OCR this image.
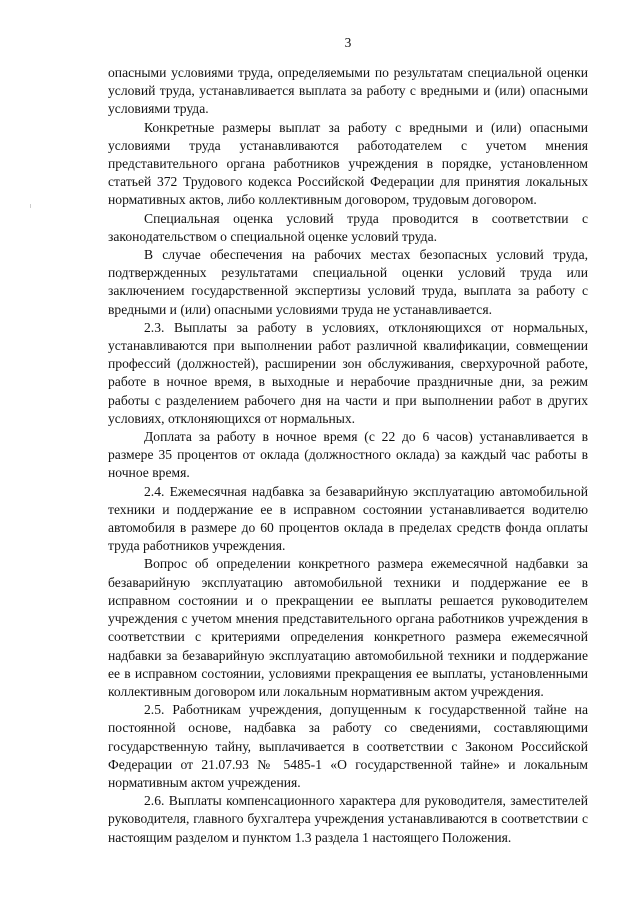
3

опасными условиями труда, определяемыми по результатам специальной оценки условий труда, устанавливается выплата за работу с вредными и (или) опасными условиями труда.

Конкретные размеры выплат за работу с вредными и (или) опасными условиями труда устанавливаются работодателем с учетом мнения представительного органа работников учреждения в порядке, установленном статьей 372 Трудового кодекса Российской Федерации для принятия локальных нормативных актов, либо коллективным договором, трудовым договором.

Специальная оценка условий труда проводится в соответствии с законодательством о специальной оценке условий труда.

В случае обеспечения на рабочих местах безопасных условий труда, подтвержденных результатами специальной оценки условий труда или заключением государственной экспертизы условий труда, выплата за работу с вредными и (или) опасными условиями труда не устанавливается.

2.3. Выплаты за работу в условиях, отклоняющихся от нормальных, устанавливаются при выполнении работ различной квалификации, совмещении профессий (должностей), расширении зон обслуживания, сверхурочной работе, работе в ночное время, в выходные и нерабочие праздничные дни, за режим работы с разделением рабочего дня на части и при выполнении работ в других условиях, отклоняющихся от нормальных.

Доплата за работу в ночное время (с 22 до 6 часов) устанавливается в размере 35 процентов от оклада (должностного оклада) за каждый час работы в ночное время.

2.4. Ежемесячная надбавка за безаварийную эксплуатацию автомобильной техники и поддержание ее в исправном состоянии устанавливается водителю автомобиля в размере до 60 процентов оклада в пределах средств фонда оплаты труда работников учреждения.

Вопрос об определении конкретного размера ежемесячной надбавки за безаварийную эксплуатацию автомобильной техники и поддержание ее в исправном состоянии и о прекращении ее выплаты решается руководителем учреждения с учетом мнения представительного органа работников учреждения в соответствии с критериями определения конкретного размера ежемесячной надбавки за безаварийную эксплуатацию автомобильной техники и поддержание ее в исправном состоянии, условиями прекращения ее выплаты, установленными коллективным договором или локальным нормативным актом учреждения.

2.5. Работникам учреждения, допущенным к государственной тайне на постоянной основе, надбавка за работу со сведениями, составляющими государственную тайну, выплачивается в соответствии с Законом Российской Федерации от 21.07.93 № 5485-1 «О государственной тайне» и локальным нормативным актом учреждения.

2.6. Выплаты компенсационного характера для руководителя, заместителей руководителя, главного бухгалтера учреждения устанавливаются в соответствии с настоящим разделом и пунктом 1.3 раздела 1 настоящего Положения.
